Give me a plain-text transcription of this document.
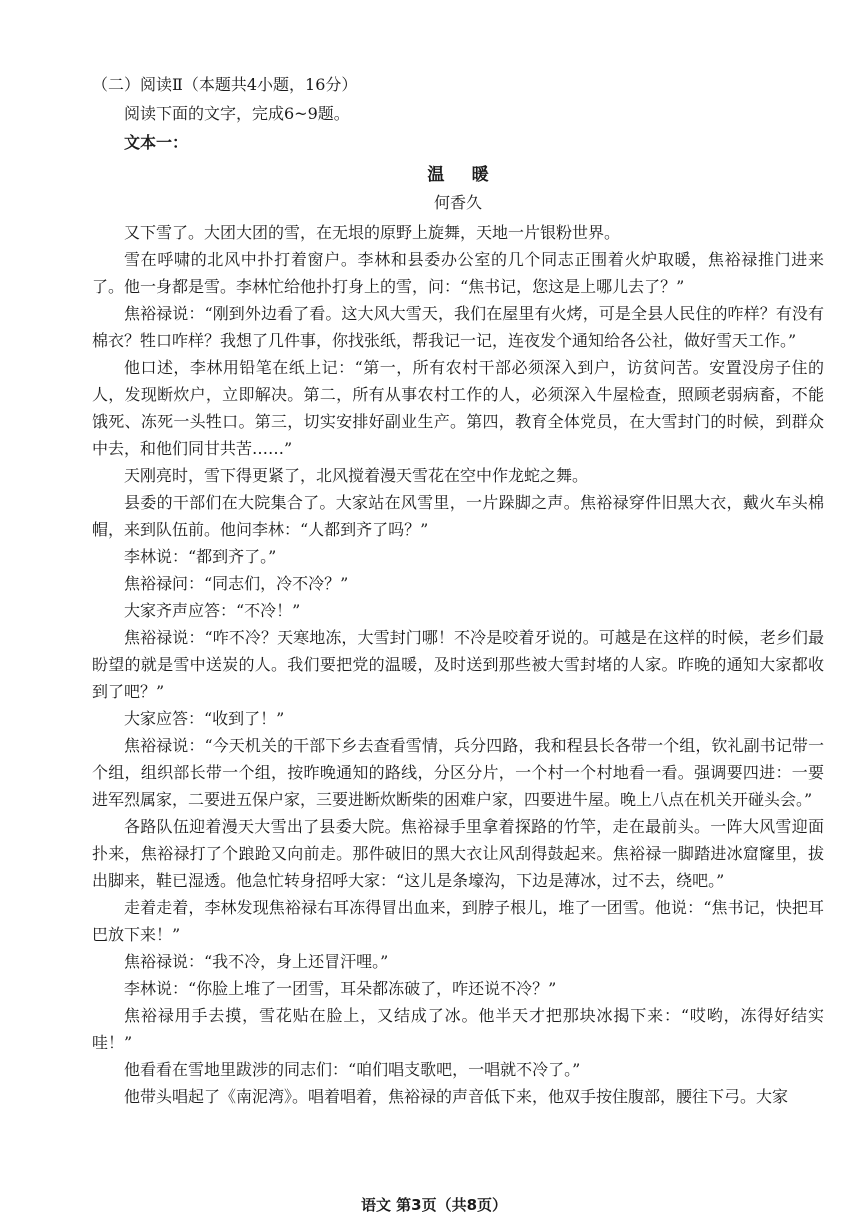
（二）阅读Ⅱ（本题共4小题，16分）

阅读下面的文字，完成6~9题。

文本一：

温暖
何香久

又下雪了。大团大团的雪，在无垠的原野上旋舞，天地一片银粉世界。

雪在呼啸的北风中扑打着窗户。李林和县委办公室的几个同志正围着火炉取暖，焦裕禄推门进来了。他一身都是雪。李林忙给他扑打身上的雪，问：“焦书记，您这是上哪儿去了？”

焦裕禄说：“刚到外边看了看。这大风大雪天，我们在屋里有火烤，可是全县人民住的咋样？有没有棉衣？牲口咋样？我想了几件事，你找张纸，帮我记一记，连夜发个通知给各公社，做好雪天工作。”

他口述，李林用铅笔在纸上记：“第一，所有农村干部必须深入到户，访贫问苦。安置没房子住的人，发现断炊户，立即解决。第二，所有从事农村工作的人，必须深入牛屋检查，照顾老弱病畜，不能饿死、冻死一头牲口。第三，切实安排好副业生产。第四，教育全体党员，在大雪封门的时候，到群众中去，和他们同甘共苦……”

天刚亮时，雪下得更紧了，北风搅着漫天雪花在空中作龙蛇之舞。

县委的干部们在大院集合了。大家站在风雪里，一片跺脚之声。焦裕禄穿件旧黑大衣，戴火车头棉帽，来到队伍前。他问李林：“人都到齐了吗？”

李林说：“都到齐了。”

焦裕禄问：“同志们，冷不冷？”

大家齐声应答：“不冷！”

焦裕禄说：“咋不冷？天寒地冻，大雪封门哪！不冷是咬着牙说的。可越是在这样的时候，老乡们最盼望的就是雪中送炭的人。我们要把党的温暖，及时送到那些被大雪封堵的人家。昨晚的通知大家都收到了吧？”

大家应答：“收到了！”

焦裕禄说：“今天机关的干部下乡去查看雪情，兵分四路，我和程县长各带一个组，钦礼副书记带一个组，组织部长带一个组，按昨晚通知的路线，分区分片，一个村一个村地看一看。强调要四进：一要进军烈属家，二要进五保户家，三要进断炊断柴的困难户家，四要进牛屋。晚上八点在机关开碰头会。”

各路队伍迎着漫天大雪出了县委大院。焦裕禄手里拿着探路的竹竿，走在最前头。一阵大风雪迎面扑来，焦裕禄打了个踉跄又向前走。那件破旧的黑大衣让风刮得鼓起来。焦裕禄一脚踏进冰窟窿里，拔出脚来，鞋已湿透。他急忙转身招呼大家：“这儿是条壕沟，下边是薄冰，过不去，绕吧。”

走着走着，李林发现焦裕禄右耳冻得冒出血来，到脖子根儿，堆了一团雪。他说：“焦书记，快把耳巴放下来！”

焦裕禄说：“我不冷，身上还冒汗哩。”

李林说：“你脸上堆了一团雪，耳朵都冻破了，咋还说不冷？”

焦裕禄用手去摸，雪花贴在脸上，又结成了冰。他半天才把那块冰揭下来：“哎哟，冻得好结实哇！”

他看看在雪地里跋涉的同志们：“咱们唱支歌吧，一唱就不冷了。”

他带头唱起了《南泥湾》。唱着唱着，焦裕禄的声音低下来，他双手按住腹部，腰往下弓。大家

语文 第3页（共8页）
